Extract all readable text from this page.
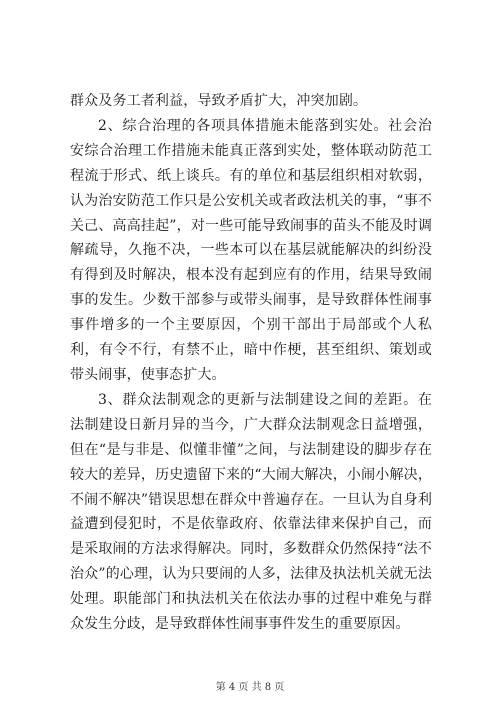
群众及务工者利益，导致矛盾扩大，冲突加剧。

2、综合治理的各项具体措施未能落到实处。社会治安综合治理工作措施未能真正落到实处，整体联动防范工程流于形式、纸上谈兵。有的单位和基层组织相对软弱，认为治安防范工作只是公安机关或者政法机关的事，“事不关己、高高挂起”，对一些可能导致闹事的苗头不能及时调解疏导，久拖不决，一些本可以在基层就能解决的纠纷没有得到及时解决，根本没有起到应有的作用，结果导致闹事的发生。少数干部参与或带头闹事，是导致群体性闹事事件增多的一个主要原因，个别干部出于局部或个人私利，有令不行，有禁不止，暗中作梗，甚至组织、策划或带头闹事，使事态扩大。

3、群众法制观念的更新与法制建设之间的差距。在法制建设日新月异的当今，广大群众法制观念日益增强，但在“是与非是、似懂非懂”之间，与法制建设的脚步存在较大的差异，历史遗留下来的“大闹大解决，小闹小解决，不闹不解决”错误思想在群众中普遍存在。一旦认为自身利益遭到侵犯时，不是依靠政府、依靠法律来保护自己，而是采取闹的方法求得解决。同时，多数群众仍然保持“法不治众”的心理，认为只要闹的人多，法律及执法机关就无法处理。职能部门和执法机关在依法办事的过程中难免与群众发生分歧，是导致群体性闹事事件发生的重要原因。

第 4 页 共 8 页
